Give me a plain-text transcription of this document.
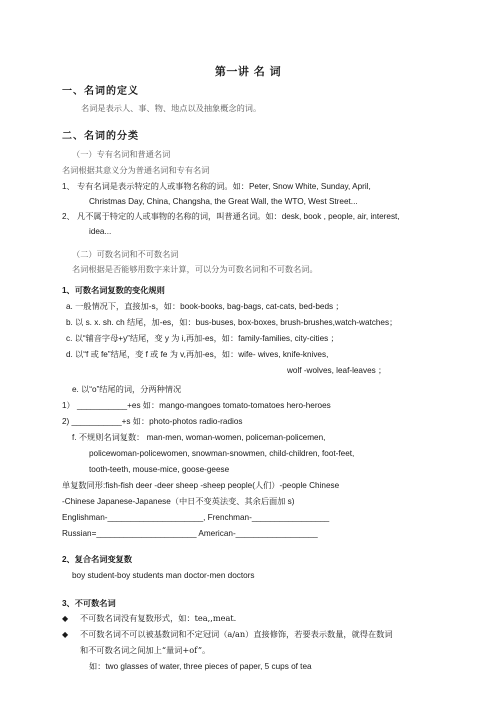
第一讲 名 词
一、名词的定义
名词是表示人、事、物、地点以及抽象概念的词。
二、名词的分类
（一）专有名词和普通名词
名词根据其意义分为普通名词和专有名词
1、 专有名词是表示特定的人或事物名称的词。如：Peter, Snow White, Sunday, April,
Christmas Day, China, Changsha, the Great Wall, the WTO, West Street...
2、 凡不属于特定的人或事物的名称的词，叫普通名词。如：desk, book , people, air, interest,
idea...
（二）可数名词和不可数名词
名词根据是否能够用数字来计算，可以分为可数名词和不可数名词。
1、可数名词复数的变化规则
a. 一般情况下，直接加-s，如：book-books, bag-bags, cat-cats, bed-beds ；
b. 以 s. x. sh. ch 结尾，加-es，如：bus-buses, box-boxes, brush-brushes,watch-watches；
c. 以“辅音字母+y”结尾，变 y 为 i,再加-es，如：family-families, city-cities ；
d. 以“f 或 fe”结尾，变 f 或 fe 为 v,再加-es，如：wife- wives, knife-knives,
wolf -wolves, leaf-leaves ；
e. 以“o”结尾的词，分两种情况
1） ___________+es 如：mango-mangoes tomato-tomatoes hero-heroes
2) ___________+s 如：photo-photos radio-radios
f. 不规则名词复数： man-men, woman-women, policeman-policemen,
policewoman-policewomen, snowman-snowmen, child-children, foot-feet,
tooth-teeth, mouse-mice, goose-geese
单复数同形:fish-fish deer -deer sheep -sheep people(人们）-people Chinese
-Chinese Japanese-Japanese（中日不变英法变、其余后面加 s)
Englishman-_____________________, Frenchman-_________________
Russian=______________________ American-__________________
2、复合名词变复数
boy student-boy students man doctor-men doctors
3、不可数名词
◆ 不可数名词没有复数形式，如：tea,,meat.
◆ 不可数名词不可以被基数词和不定冠词（a/an）直接修饰，若要表示数量，就得在数词
和不可数名词之间加上“量词+of”。
如：two glasses of water, three pieces of paper, 5 cups of tea
